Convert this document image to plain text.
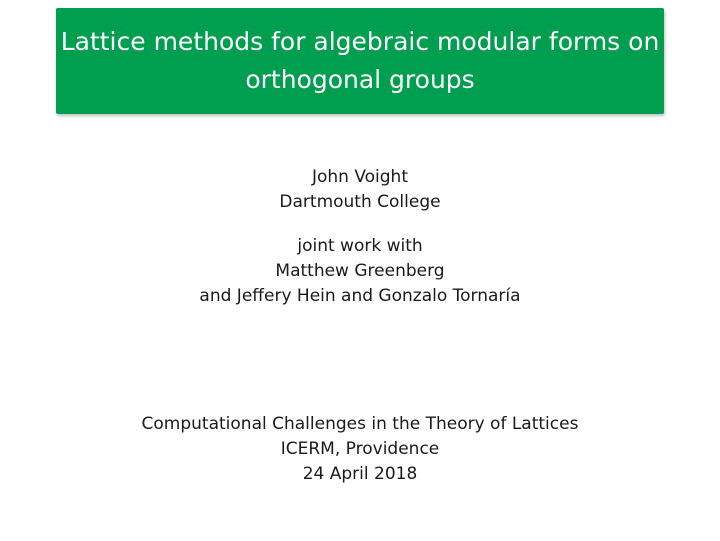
Lattice methods for algebraic modular forms on
orthogonal groups
John Voight
Dartmouth College
joint work with
Matthew Greenberg
and Jeffery Hein and Gonzalo Tornaría
Computational Challenges in the Theory of Lattices
ICERM, Providence
24 April 2018
